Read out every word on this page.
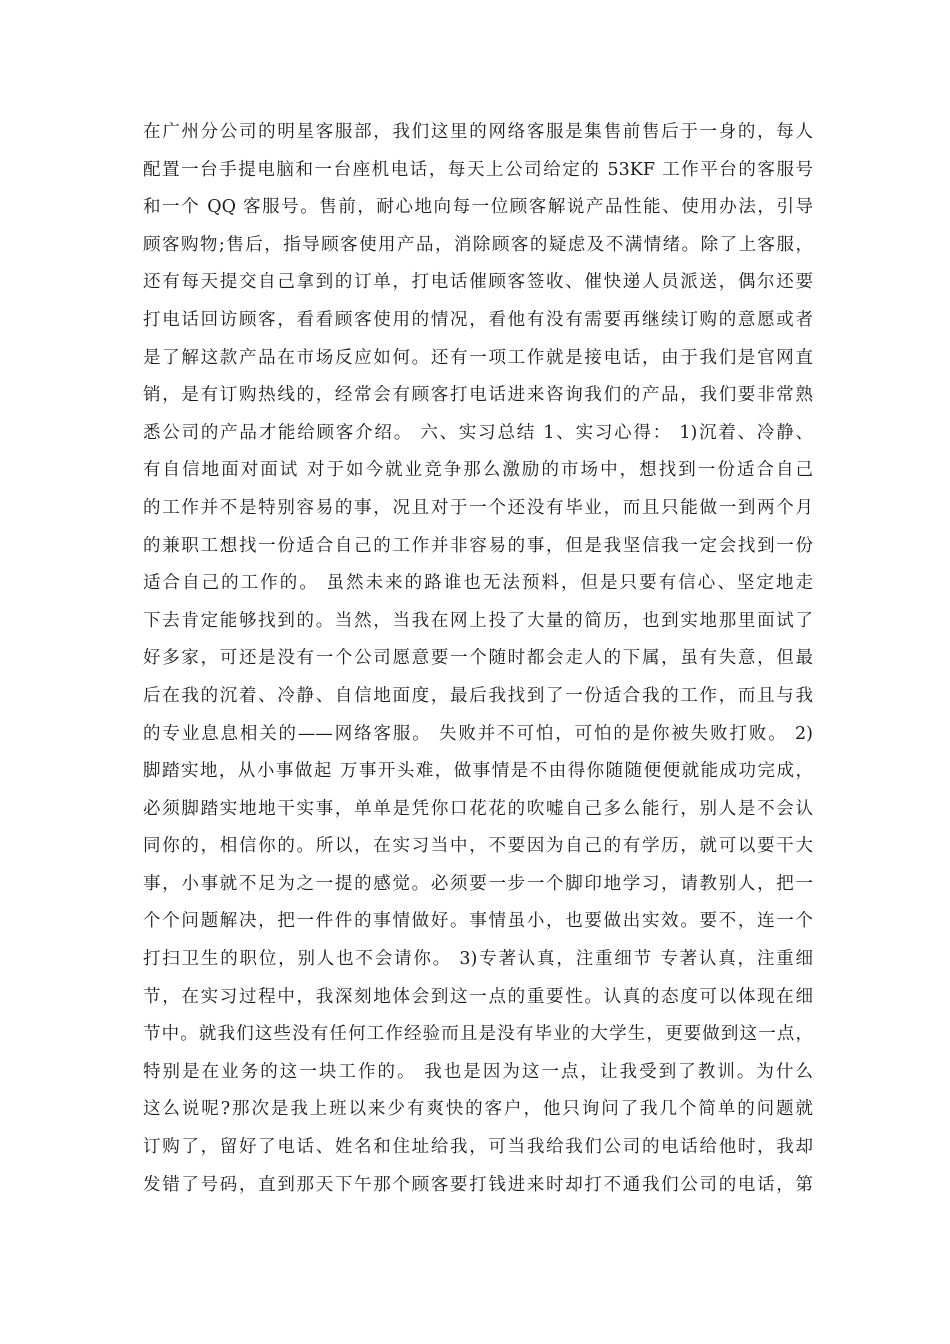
在广州分公司的明星客服部，我们这里的网络客服是集售前售后于一身的，每人
配置一台手提电脑和一台座机电话，每天上公司给定的 53KF 工作平台的客服号
和一个 QQ 客服号。售前，耐心地向每一位顾客解说产品性能、使用办法，引导
顾客购物;售后，指导顾客使用产品，消除顾客的疑虑及不满情绪。除了上客服，
还有每天提交自己拿到的订单，打电话催顾客签收、催快递人员派送，偶尔还要
打电话回访顾客，看看顾客使用的情况，看他有没有需要再继续订购的意愿或者
是了解这款产品在市场反应如何。还有一项工作就是接电话，由于我们是官网直
销，是有订购热线的，经常会有顾客打电话进来咨询我们的产品，我们要非常熟
悉公司的产品才能给顾客介绍。 六、实习总结 1、实习心得： 1)沉着、冷静、
有自信地面对面试 对于如今就业竞争那么激励的市场中，想找到一份适合自己
的工作并不是特别容易的事，况且对于一个还没有毕业，而且只能做一到两个月
的兼职工想找一份适合自己的工作并非容易的事，但是我坚信我一定会找到一份
适合自己的工作的。 虽然未来的路谁也无法预料，但是只要有信心、坚定地走
下去肯定能够找到的。当然，当我在网上投了大量的简历，也到实地那里面试了
好多家，可还是没有一个公司愿意要一个随时都会走人的下属，虽有失意，但最
后在我的沉着、冷静、自信地面度，最后我找到了一份适合我的工作，而且与我
的专业息息相关的——网络客服。 失败并不可怕，可怕的是你被失败打败。 2)
脚踏实地，从小事做起 万事开头难，做事情是不由得你随随便便就能成功完成，
必须脚踏实地地干实事，单单是凭你口花花的吹嘘自己多么能行，别人是不会认
同你的，相信你的。所以，在实习当中，不要因为自己的有学历，就可以要干大
事，小事就不足为之一提的感觉。必须要一步一个脚印地学习，请教别人，把一
个个问题解决，把一件件的事情做好。事情虽小，也要做出实效。要不，连一个
打扫卫生的职位，别人也不会请你。 3)专著认真，注重细节 专著认真，注重细
节，在实习过程中，我深刻地体会到这一点的重要性。认真的态度可以体现在细
节中。就我们这些没有任何工作经验而且是没有毕业的大学生，更要做到这一点，
特别是在业务的这一块工作的。 我也是因为这一点，让我受到了教训。为什么
这么说呢?那次是我上班以来少有爽快的客户，他只询问了我几个简单的问题就
订购了，留好了电话、姓名和住址给我，可当我给我们公司的电话给他时，我却
发错了号码，直到那天下午那个顾客要打钱进来时却打不通我们公司的电话，第
